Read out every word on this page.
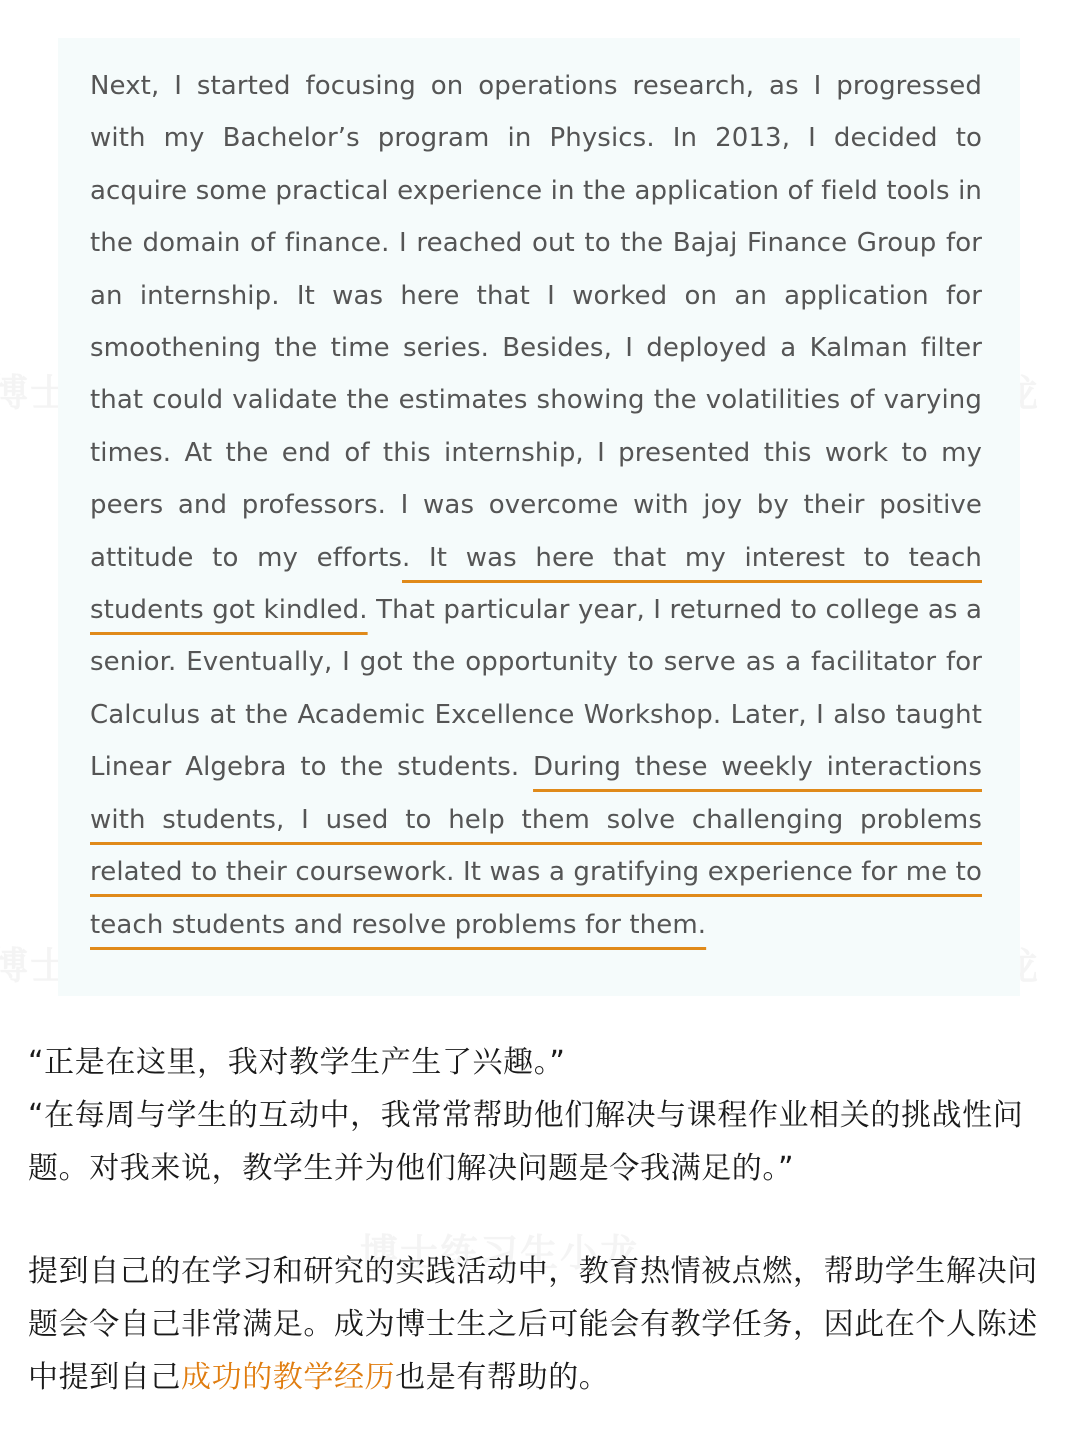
Next, I started focusing on operations research, as I progressed with my Bachelor’s program in Physics. In 2013, I decided to acquire some practical experience in the application of field tools in the domain of finance. I reached out to the Bajaj Finance Group for an internship. It was here that I worked on an application for smoothening the time series. Besides, I deployed a Kalman filter that could validate the estimates showing the volatilities of varying times. At the end of this internship, I presented this work to my peers and professors. I was overcome with joy by their positive attitude to my efforts. It was here that my interest to teach students got kindled. That particular year, I returned to college as a senior. Eventually, I got the opportunity to serve as a facilitator for Calculus at the Academic Excellence Workshop. Later, I also taught Linear Algebra to the students. During these weekly interactions with students, I used to help them solve challenging problems related to their coursework. It was a gratifying experience for me to teach students and resolve problems for them.

“正是在这里，我对教学生产生了兴趣。”
“在每周与学生的互动中，我常常帮助他们解决与课程作业相关的挑战性问题。对我来说，教学生并为他们解决问题是令我满足的。”

提到自己的在学习和研究的实践活动中，教育热情被点燃，帮助学生解决问题会令自己非常满足。成为博士生之后可能会有教学任务，因此在个人陈述中提到自己成功的教学经历也是有帮助的。
